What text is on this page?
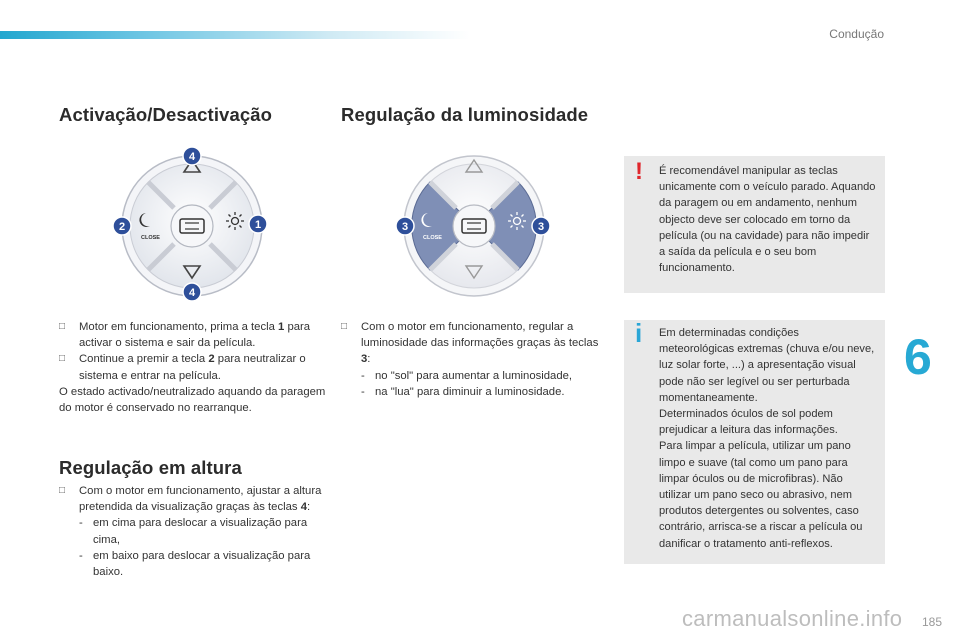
Condução
6
Activação/Desactivação	Regulação da luminosidade
CLOSE
4
4
2	1
CLOSE
3	3
□ Motor em funcionamento, prima a tecla 1 para activar o sistema e sair da película.
□ Continue a premir a tecla 2 para neutralizar o sistema e entrar na película.
O estado activado/neutralizado aquando da paragem do motor é conservado no rearranque.
Regulação em altura
□ Com o motor em funcionamento, ajustar a altura pretendida da visualização graças às teclas 4:
- em cima para deslocar a visualização para cima,
- em baixo para deslocar a visualização para baixo.
□ Com o motor em funcionamento, regular a luminosidade das informações graças às teclas 3:
- no "sol" para aumentar a luminosidade,
- na "lua" para diminuir a luminosidade.
! É recomendável manipular as teclas unicamente com o veículo parado. Aquando da paragem ou em andamento, nenhum objecto deve ser colocado em torno da película (ou na cavidade) para não impedir a saída da película e o seu bom funcionamento.
i Em determinadas condições meteorológicas extremas (chuva e/ou neve, luz solar forte, ...) a apresentação visual pode não ser legível ou ser perturbada momentaneamente.
Determinados óculos de sol podem prejudicar a leitura das informações.
Para limpar a película, utilizar um pano limpo e suave (tal como um pano para limpar óculos ou de microfibras). Não utilizar um pano seco ou abrasivo, nem produtos detergentes ou solventes, caso contrário, arrisca-se a riscar a película ou danificar o tratamento anti-reflexos.
185
carmanualsonline.info
